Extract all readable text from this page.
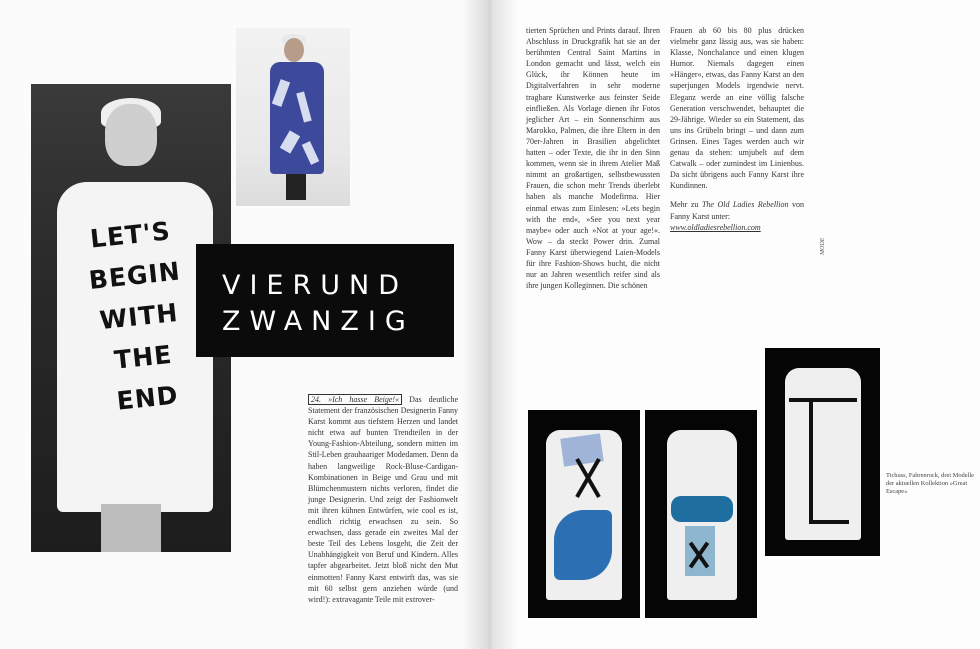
LET'S
BEGIN
WITH
THE
END
VIERUND
ZWANZIG

24. »Ich hasse Beige!« Das deutliche Statement der französischen Designerin Fanny Karst kommt aus tiefstem Herzen und landet nicht etwa auf bunten Trendteilen in der Young-Fashion-Abteilung, sondern mitten im Stil-Leben grauhaariger Modedamen. Denn da haben langweilige Rock-Bluse-Cardigan-Kombinationen in Beige und Grau und mit Blümchenmustern nichts verloren, findet die junge Designerin. Und zeigt der Fashionwelt mit ihren kühnen Entwürfen, wie cool es ist, endlich richtig erwachsen zu sein. So erwachsen, dass gerade ein zweites Mal der beste Teil des Lebens losgeht, die Zeit der Unabhängigkeit von Beruf und Kindern. Alles tapfer abgearbeitet. Jetzt bloß nicht den Mut einmotten! Fanny Karst entwirft das, was sie mit 60 selbst gern anziehen würde (und wird!): extravagante Teile mit extrover-

tierten Sprüchen und Prints darauf. Ihren Abschluss in Druckgrafik hat sie an der berühmten Central Saint Martins in London gemacht und lässt, welch ein Glück, ihr Können heute im Digitalverfahren in sehr moderne tragbare Kunstwerke aus feinster Seide einfließen. Als Vorlage dienen ihr Fotos jeglicher Art – ein Sonnenschirm aus Marokko, Palmen, die ihre Eltern in den 70er-Jahren in Brasilien abgelichtet hatten – oder Texte, die ihr in den Sinn kommen, wenn sie in ihrem Atelier Maß nimmt an großartigen, selbstbewussten Frauen, die schon mehr Trends überlebt haben als manche Modefirma. Hier einmal etwas zum Einlesen: »Lets begin with the end«, »See you next year maybe« oder auch »Not at your age!«. Wow – da steckt Power drin. Zumal Fanny Karst überwiegend Laien-Models für ihre Fashion-Shows bucht, die nicht nur an Jahren wesentlich reifer sind als ihre jungen Kolleginnen. Die schönen

Frauen ab 60 bis 80 plus drücken vielmehr ganz lässig aus, was sie haben: Klasse, Nonchalance und einen klugen Humor. Niemals dagegen einen »Hänger«, etwas, das Fanny Karst an den superjungen Models irgendwie nervt. Eleganz werde an eine völlig falsche Generation verschwendet, behauptet die 29-Jährige. Wieder so ein Statement, das uns ins Grübeln bringt – und dann zum Grinsen. Eines Tages werden auch wir genau da stehen: umjubelt auf dem Catwalk – oder zumindest im Linienbus. Da sicht übrigens auch Fanny Karst ihre Kundinnen.

Mehr zu The Old Ladies Rebellion von Fanny Karst unter:
www.oldladiesrebellion.com

MODE
Tichuss, Fahrenrock, drei Modelle der aktuellen Kollektion »Great Escape«
